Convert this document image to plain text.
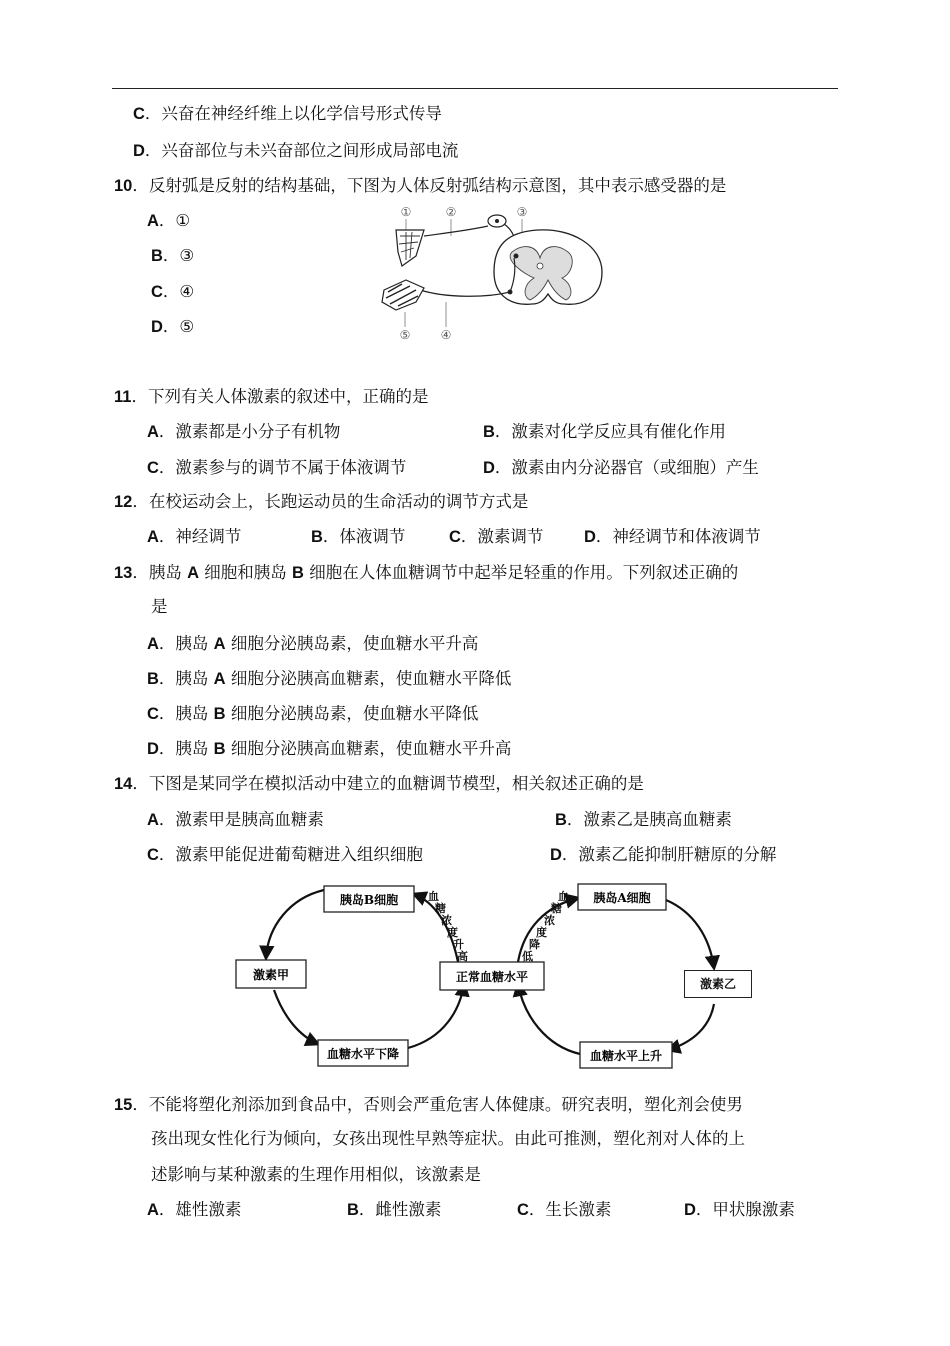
C．兴奋在神经纤维上以化学信号形式传导
D．兴奋部位与未兴奋部位之间形成局部电流
10．反射弧是反射的结构基础，下图为人体反射弧结构示意图，其中表示感受器的是
A．①
B．③
C．④
D．⑤
①	②	③
④
⑤
11．下列有关人体激素的叙述中，正确的是
A．激素都是小分子有机物	B．激素对化学反应具有催化作用
C．激素参与的调节不属于体液调节	D．激素由内分泌器官（或细胞）产生
12．在校运动会上，长跑运动员的生命活动的调节方式是
A．神经调节	B．体液调节	C．激素调节 D．神经调节和体液调节
13．胰岛 A 细胞和胰岛 B 细胞在人体血糖调节中起举足轻重的作用。下列叙述正确的
是
A．胰岛 A 细胞分泌胰岛素，使血糖水平升高
B．胰岛 A 细胞分泌胰高血糖素，使血糖水平降低
C．胰岛 B 细胞分泌胰岛素，使血糖水平降低
D．胰岛 B 细胞分泌胰高血糖素，使血糖水平升高
14．下图是某同学在模拟活动中建立的血糖调节模型，相关叙述正确的是
A．激素甲是胰高血糖素	B．激素乙是胰高血糖素
C．激素甲能促进葡萄糖进入组织细胞	D．激素乙能抑制肝糖原的分解
胰岛B细胞	胰岛A细胞
激素甲	正常血糖水平
血糖水平下降	血糖水平上升
血
糖
浓
度
升
高
血
糖
浓
度
降
低
激素乙
15．不能将塑化剂添加到食品中，否则会严重危害人体健康。研究表明，塑化剂会使男
孩出现女性化行为倾向，女孩出现性早熟等症状。由此可推测，塑化剂对人体的上
述影响与某种激素的生理作用相似，该激素是
A．雄性激素	B．雌性激素	C．生长激素	D．甲状腺激素
